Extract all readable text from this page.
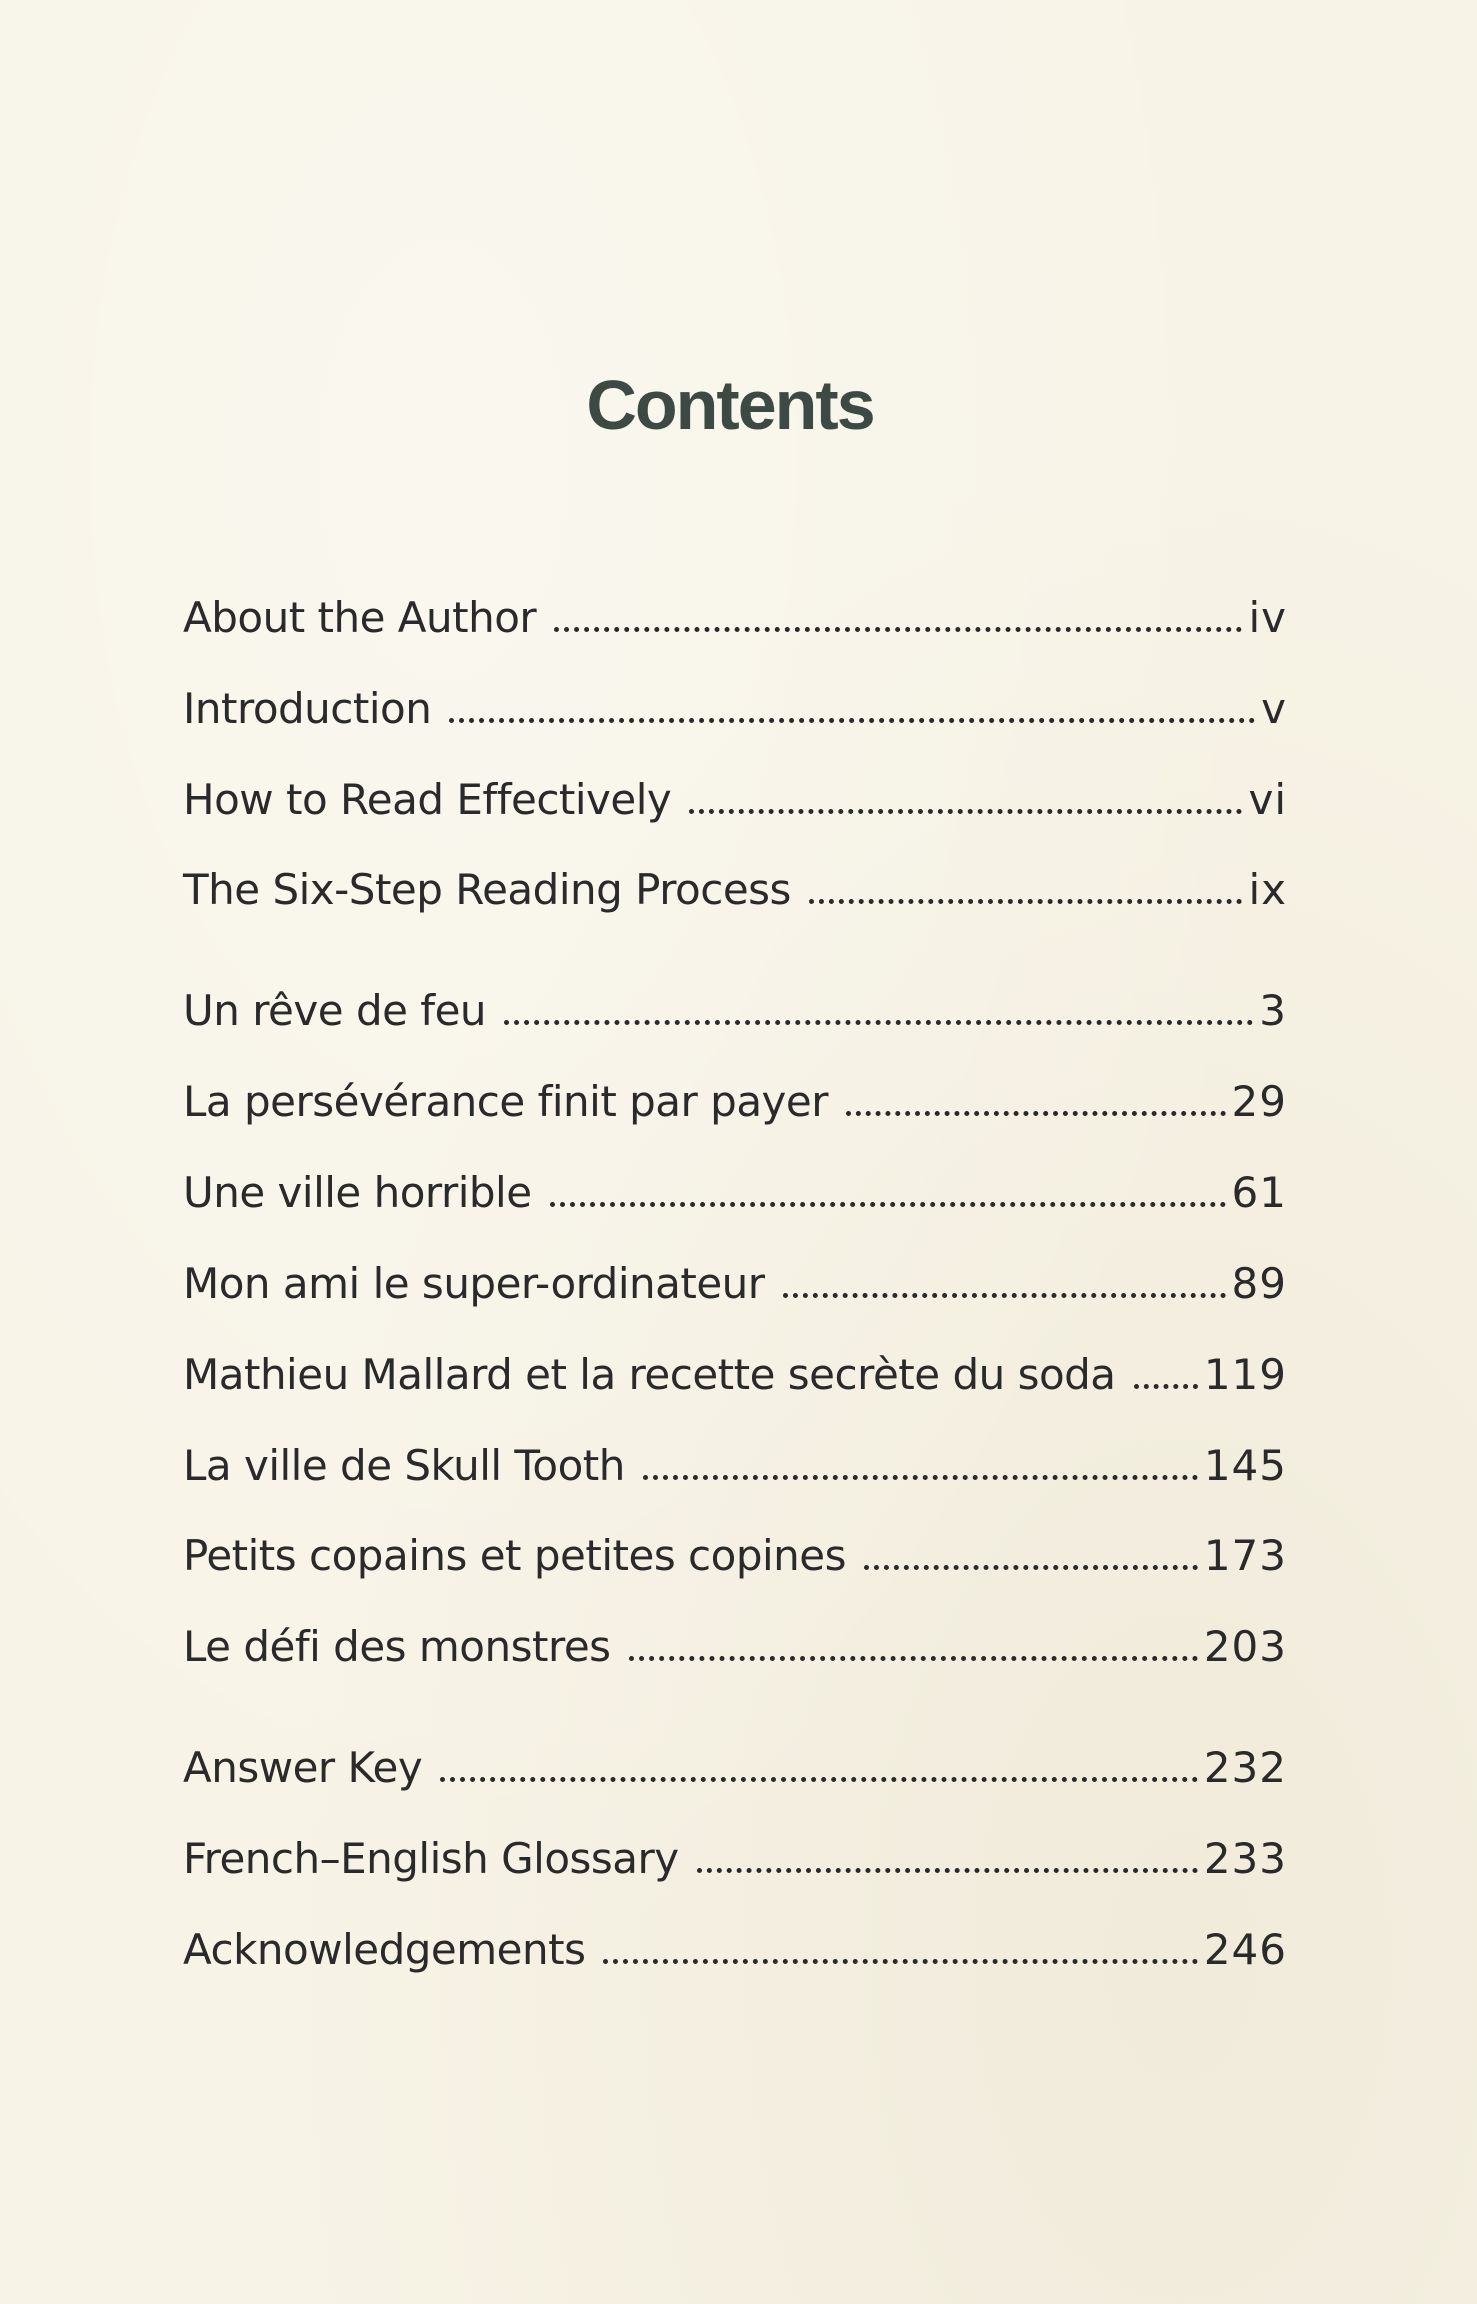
Contents
About the Author	iv
Introduction	v
How to Read Effectively	vi
The Six-Step Reading Process	ix
Un rêve de feu	3
La persévérance finit par payer	29
Une ville horrible	61
Mon ami le super-ordinateur	89
Mathieu Mallard et la recette secrète du soda	119
La ville de Skull Tooth	145
Petits copains et petites copines	173
Le défi des monstres	203
Answer Key	232
French–English Glossary	233
Acknowledgements	246
